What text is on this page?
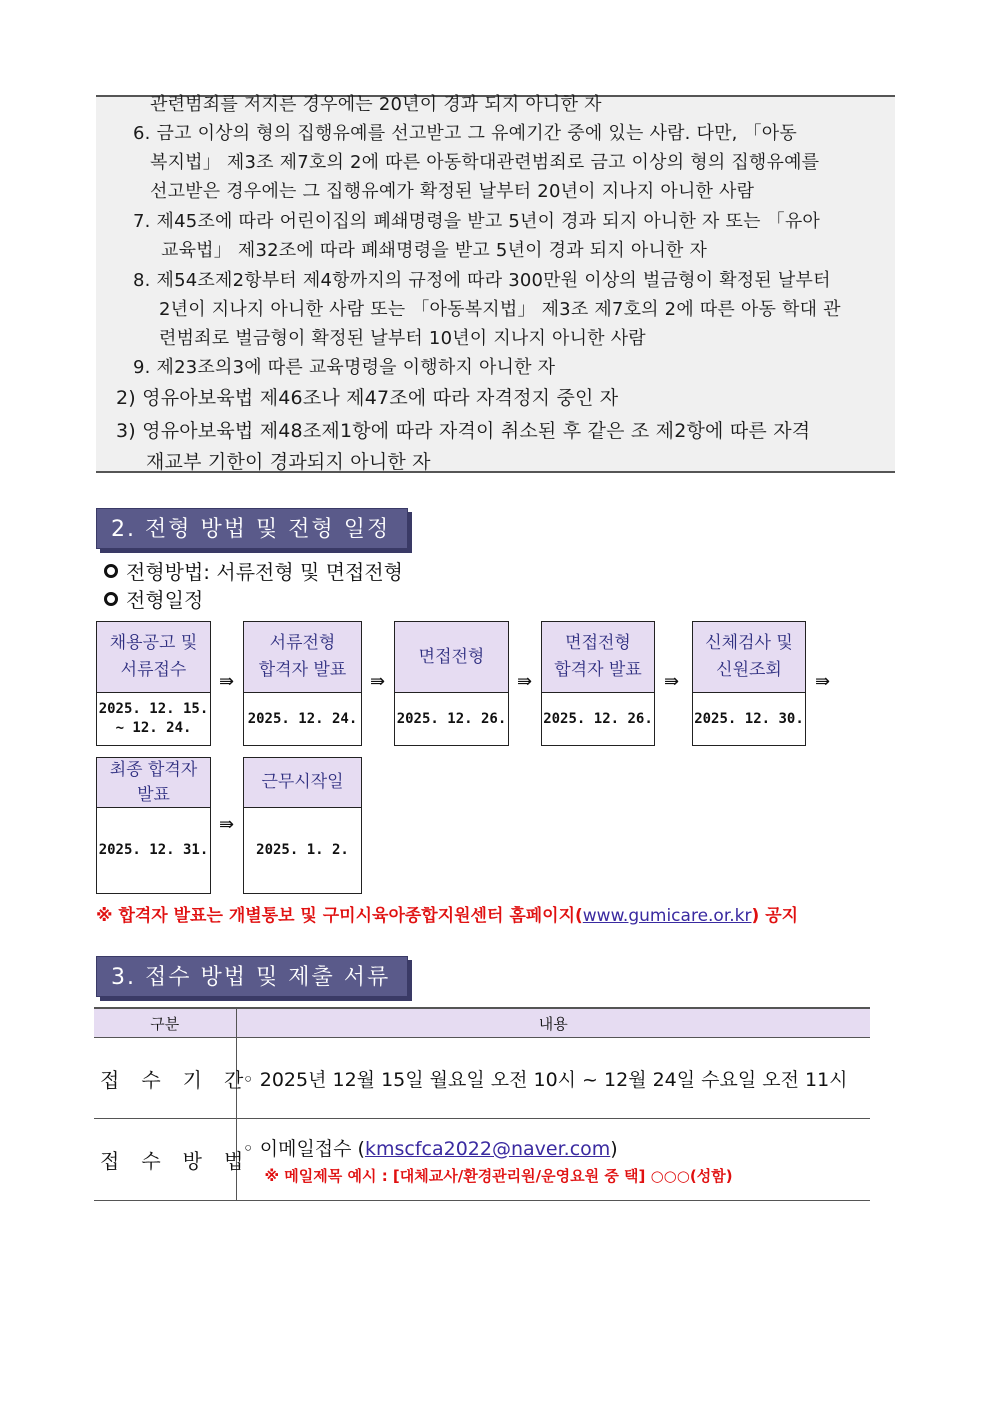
관련범죄를 저지른 경우에는 20년이 경과 되지 아니한 자
6. 금고 이상의 형의 집행유예를 선고받고 그 유예기간 중에 있는 사람. 다만, 「아동
복지법」 제3조 제7호의 2에 따른 아동학대관련범죄로 금고 이상의 형의 집행유예를
선고받은 경우에는 그 집행유예가 확정된 날부터 20년이 지나지 아니한 사람
7. 제45조에 따라 어린이집의 폐쇄명령을 받고 5년이 경과 되지 아니한 자 또는 「유아
교육법」 제32조에 따라 폐쇄명령을 받고 5년이 경과 되지 아니한 자
8. 제54조제2항부터 제4항까지의 규정에 따라 300만원 이상의 벌금형이 확정된 날부터
2년이 지나지 아니한 사람 또는 「아동복지법」 제3조 제7호의 2에 따른 아동 학대 관
련범죄로 벌금형이 확정된 날부터 10년이 지나지 아니한 사람
9. 제23조의3에 따른 교육명령을 이행하지 아니한 자
2) 영유아보육법 제46조나 제47조에 따라 자격정지 중인 자
3) 영유아보육법 제48조제1항에 따라 자격이 취소된 후 같은 조 제2항에 따른 자격
재교부 기한이 경과되지 아니한 자
2. 전형 방법 및 전형 일정
전형방법: 서류전형 및 면접전형
전형일정
채용공고 및
서류접수
2025. 12. 15.
~ 12. 24.
⇛
서류전형
합격자 발표
2025. 12. 24.
⇛
면접전형
2025. 12. 26.
⇛
면접전형
합격자 발표
2025. 12. 26.
⇛
신체검사 및
신원조회
2025. 12. 30.
⇛
최종 합격자
발표
2025. 12. 31.
⇛
근무시작일
2025. 1. 2.
※ 합격자 발표는 개별통보 및 구미시육아종합지원센터 홈페이지(www.gumicare.or.kr) 공지
3. 접수 방법 및 제출 서류
구분	내용
접수기간	◦ 2025년 12월 15일 월요일 오전 10시 ~ 12월 24일 수요일 오전 11시
접수방법	◦ 이메일접수 (kmscfca2022@naver.com)
※ 메일제목 예시 : [대체교사/환경관리원/운영요원 중 택] ○○○(성함)
